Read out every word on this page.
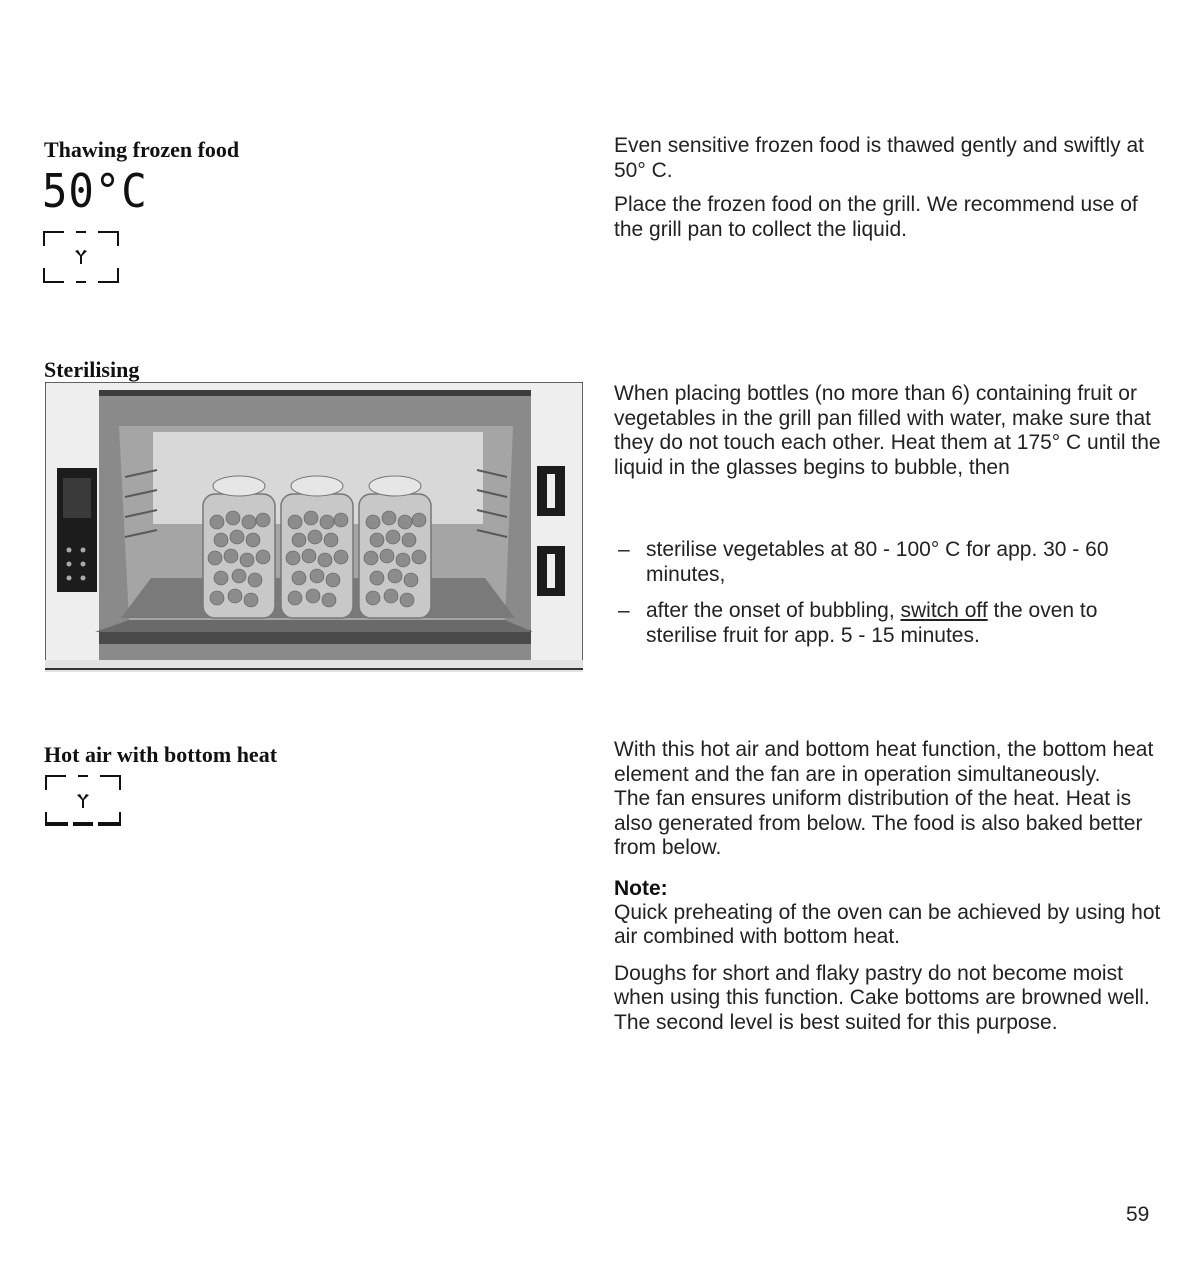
Thawing frozen food
50°C

Even sensitive frozen food is thawed gently and swiftly at 50° C.

Place the frozen food on the grill. We recommend use of the grill pan to collect the liquid.

Sterilising

When placing bottles (no more than 6) containing fruit or vegetables in the grill pan filled with water, make sure that they do not touch each other. Heat them at 175° C until the liquid in the glasses begins to bubble, then

– sterilise vegetables at 80 - 100° C for app. 30 - 60 minutes,
– after the onset of bubbling, switch off the oven to sterilise fruit for app. 5 - 15 minutes.
Hot air with bottom heat	With this hot air and bottom heat function, the bottom heat element and the fan are in operation simultaneously.

The fan ensures uniform distribution of the heat. Heat is also generated from below. The food is also baked better from below.

Note:

Quick preheating of the oven can be achieved by using hot air combined with bottom heat.

Doughs for short and flaky pastry do not become moist when using this function. Cake bottoms are browned well. The second level is best suited for this purpose.

59
